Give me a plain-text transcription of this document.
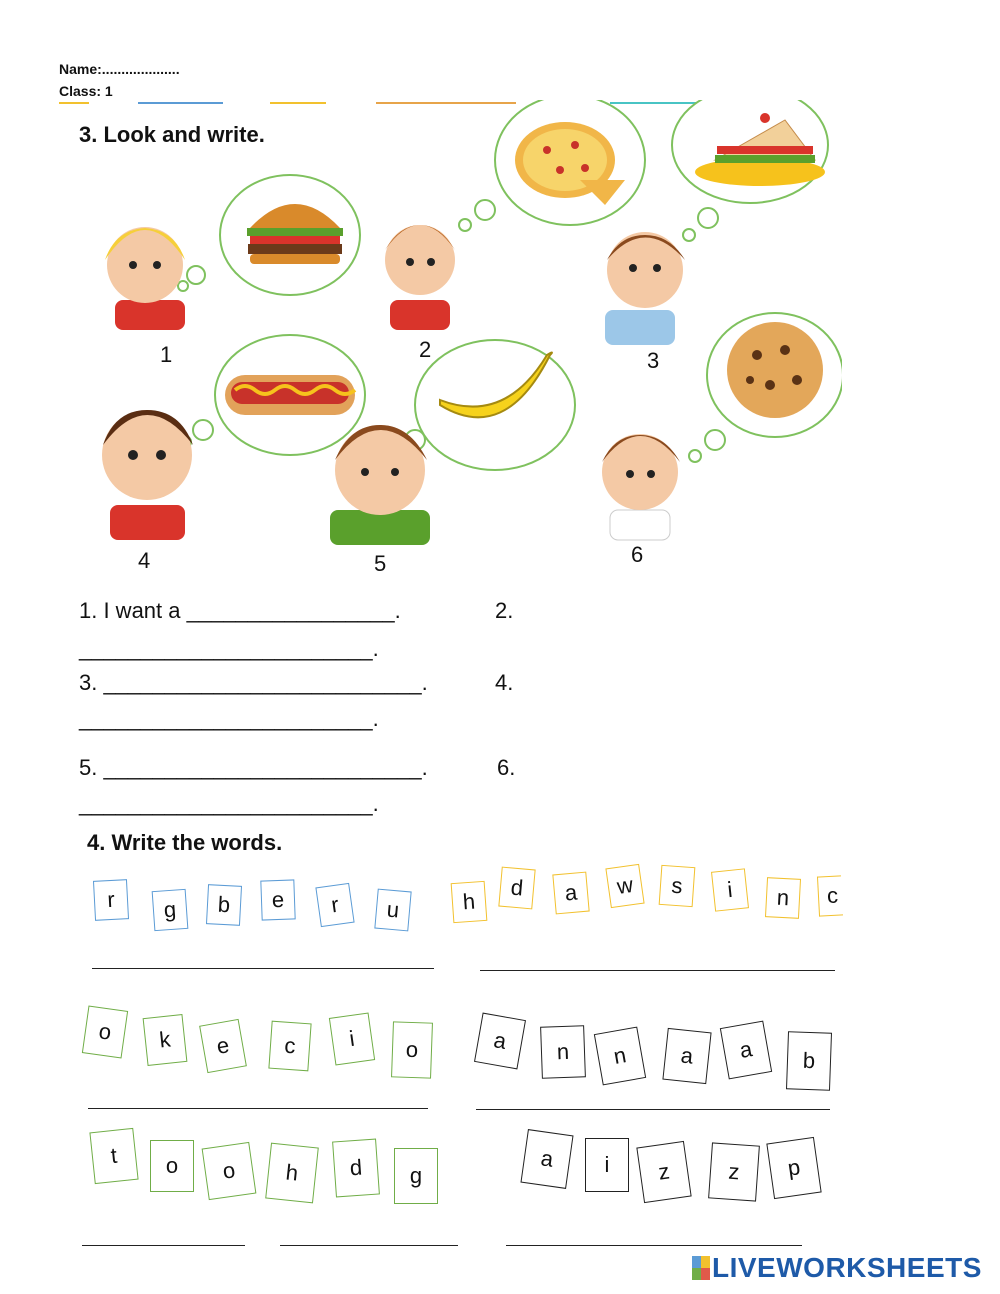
Name:....................
Class: 1
3. Look and write.
1	2	3
4	5	6
1. I want a _________________.	2.
________________________.
3. __________________________.	4.
________________________.
5. __________________________.	6.
________________________.
4. Write the words.
r	g	b	e	r	u	h
d	a	w	s	i	n	c
o	k	e	c	i	o	a	n	n	a	a	b
t	o	o	h	d	g
a	i	z	z	p
LIVEWORKSHEETS
